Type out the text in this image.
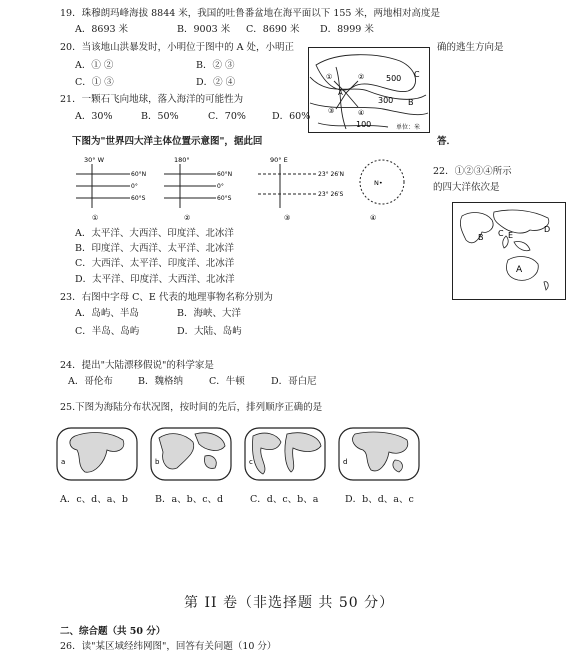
19．珠穆朗玛峰海拔 8844 米，我国的吐鲁番盆地在海平面以下 155 米，两地相对高度是
A．8693 米	B．9003 米 C．8690 米 D．8999 米
20．当该地山洪暴发时，小明位于图中的 A 处，小明正	确的逃生方向是
A．① ②	B．② ③
C．① ③	D．② ④	500 C
300 B
100
A
①	②
③	④
单位：米
21．一颗石飞向地球，落入海洋的可能性为
A．30%	B．50%	C．70%	D．60%
下图为"世界四大洋主体位置示意图"，据此回	答．
30° W
60°N
0°
60°S
①
180°
60°N
0°
60°S
②
90° E
23° 26′N
23° 26′S
③
N•
④
22．①②③④所示
的四大洋依次是
A．太平洋、大西洋、印度洋、北冰洋
B．印度洋、大西洋、太平洋、北冰洋
C．大西洋、太平洋、印度洋、北冰洋
D．太平洋、印度洋、大西洋、北冰洋
B C E
D
A
23．右图中字母 C、E 代表的地理事物名称分别为
A．岛屿、半岛	B．海峡、大洋
C．半岛、岛屿	D．大陆、岛屿
24．提出"大陆漂移假说"的科学家是
A．哥伦布	B．魏格纳	C．牛顿	D．哥白尼
25.下图为海陆分布状况图，按时间的先后，排列顺序正确的是
a	b	c	d
A．c、d、a、b	B．a、b、c、d	C．d、c、b、a	D．b、d、a、c
第 II 卷（非选择题 共 50 分）
二、综合题（共 50 分）
26．读"某区域经纬网图"，回答有关问题（10 分）
